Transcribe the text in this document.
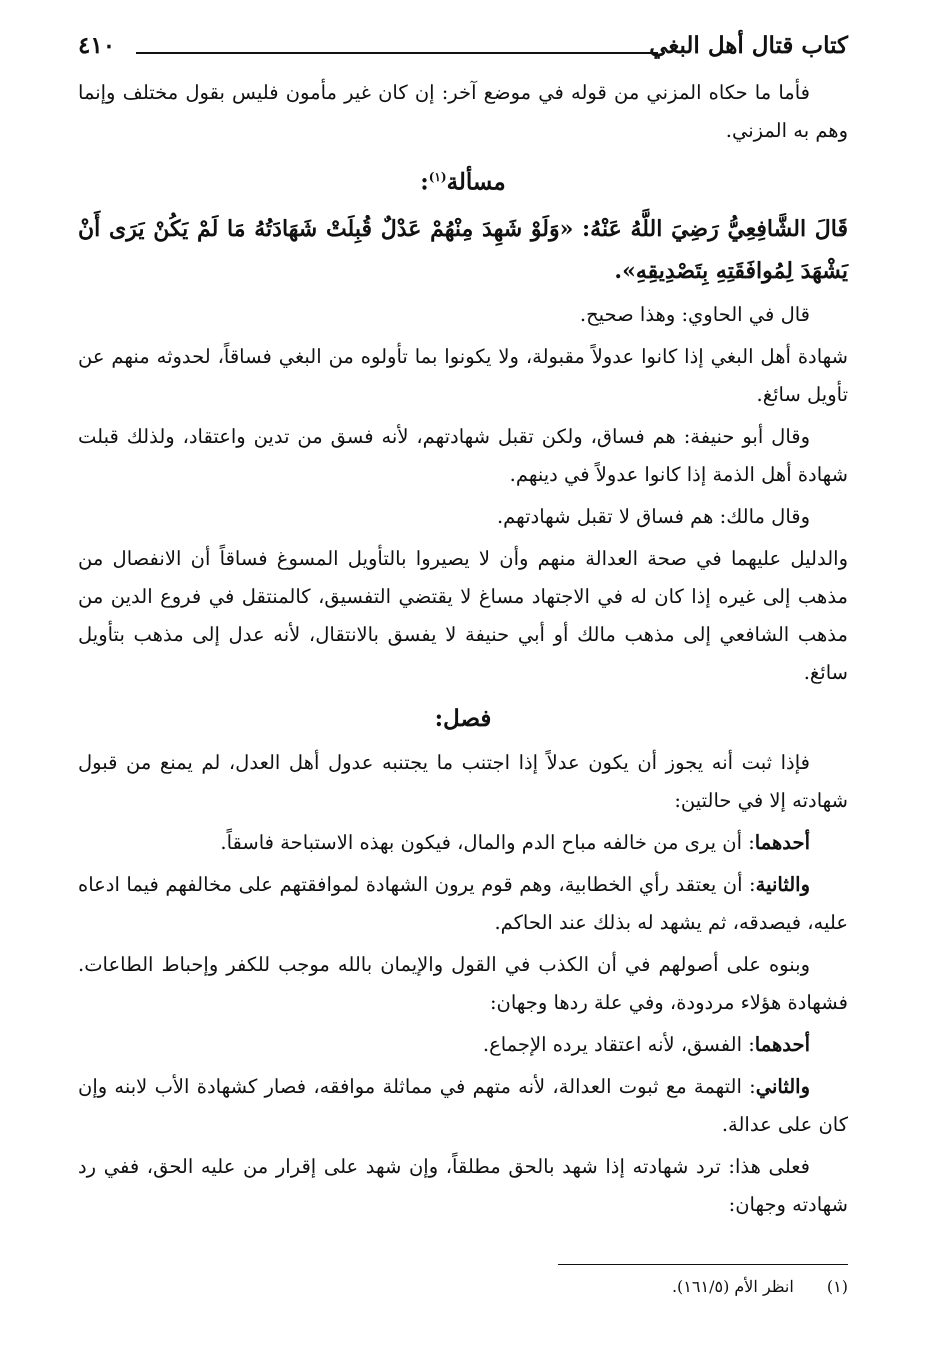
كتاب قتال أهل البغي
٤١٠

فأما ما حكاه المزني من قوله في موضع آخر: إن كان غير مأمون فليس بقول مختلف وإنما وهم به المزني.

مسألة$^{(١)}$:

قَالَ الشَّافِعِيُّ رَضِيَ اللَّهُ عَنْهُ: «وَلَوْ شَهِدَ مِنْهُمْ عَدْلٌ قُبِلَتْ شَهَادَتُهُ مَا لَمْ يَكُنْ يَرَى أَنْ يَشْهَدَ لِمُوافَقَتِهِ بِتَصْدِيقِهِ».

قال في الحاوي: وهذا صحيح.

شهادة أهل البغي إذا كانوا عدولاً مقبولة، ولا يكونوا بما تأولوه من البغي فساقاً، لحدوثه منهم عن تأويل سائغ.

وقال أبو حنيفة: هم فساق، ولكن تقبل شهادتهم، لأنه فسق من تدين واعتقاد، ولذلك قبلت شهادة أهل الذمة إذا كانوا عدولاً في دينهم.

وقال مالك: هم فساق لا تقبل شهادتهم.

والدليل عليهما في صحة العدالة منهم وأن لا يصيروا بالتأويل المسوغ فساقاً أن الانفصال من مذهب إلى غيره إذا كان له في الاجتهاد مساغ لا يقتضي التفسيق، كالمنتقل في فروع الدين من مذهب الشافعي إلى مذهب مالك أو أبي حنيفة لا يفسق بالانتقال، لأنه عدل إلى مذهب بتأويل سائغ.

فصل:

فإذا ثبت أنه يجوز أن يكون عدلاً إذا اجتنب ما يجتنبه عدول أهل العدل، لم يمنع من قبول شهادته إلا في حالتين:

أحدهما: أن يرى من خالفه مباح الدم والمال، فيكون بهذه الاستباحة فاسقاً.

والثانية: أن يعتقد رأي الخطابية، وهم قوم يرون الشهادة لموافقتهم على مخالفهم فيما ادعاه عليه، فيصدقه، ثم يشهد له بذلك عند الحاكم.

وبنوه على أصولهم في أن الكذب في القول والإيمان بالله موجب للكفر وإحباط الطاعات. فشهادة هؤلاء مردودة، وفي علة ردها وجهان:

أحدهما: الفسق، لأنه اعتقاد يرده الإجماع.

والثاني: التهمة مع ثبوت العدالة، لأنه متهم في مماثلة موافقه، فصار كشهادة الأب لابنه وإن كان على عدالة.

فعلى هذا: ترد شهادته إذا شهد بالحق مطلقاً، وإن شهد على إقرار من عليه الحق، ففي رد شهادته وجهان:

(١) انظر الأم (١٦١/٥).
